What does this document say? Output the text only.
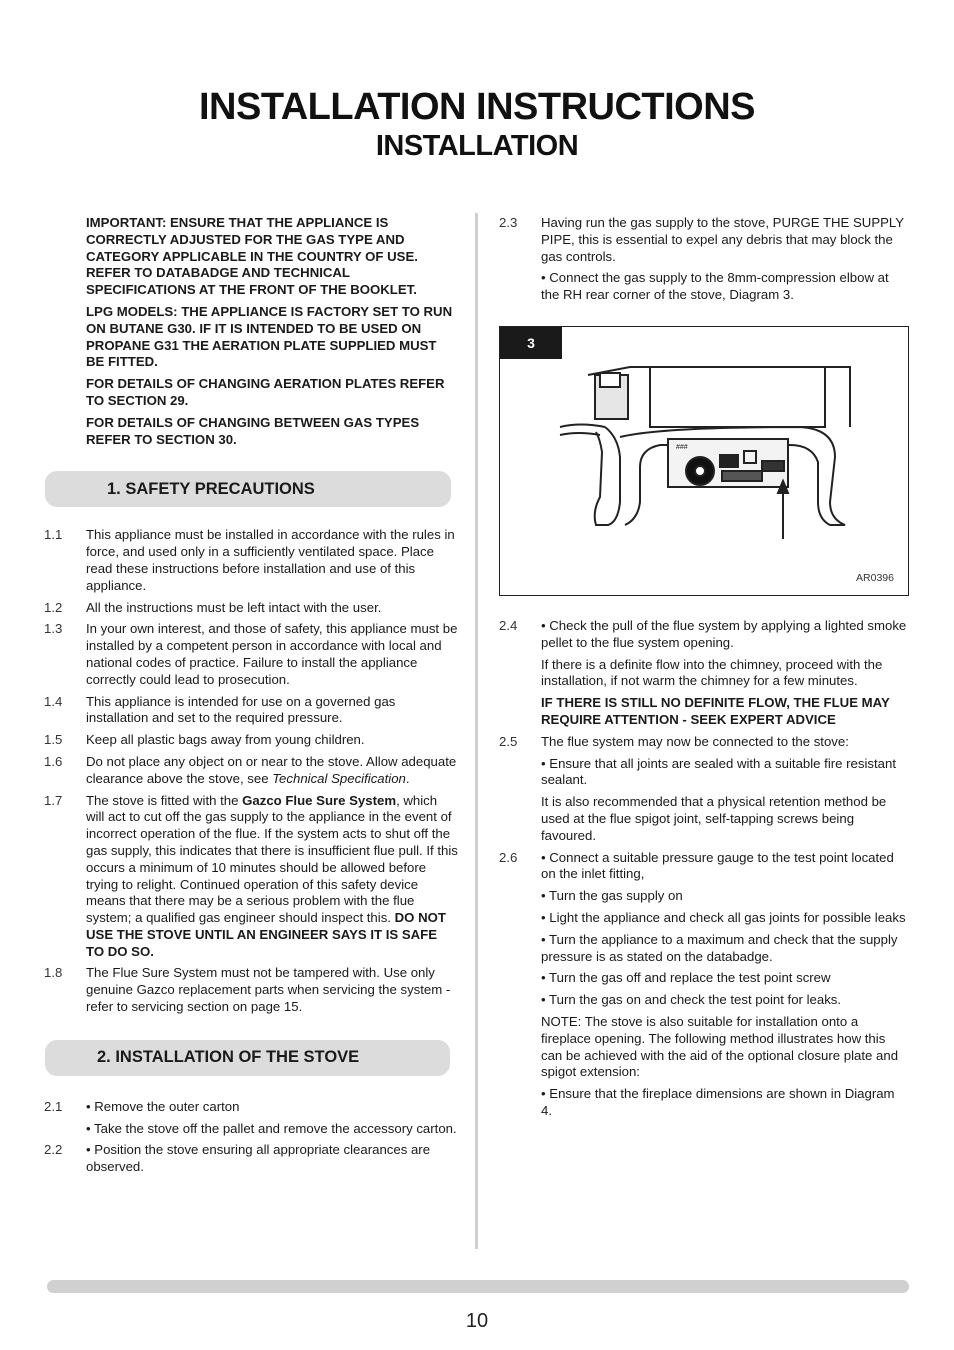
INSTALLATION INSTRUCTIONS
INSTALLATION

IMPORTANT: ENSURE THAT THE APPLIANCE IS CORRECTLY ADJUSTED FOR THE GAS TYPE AND CATEGORY APPLICABLE IN THE COUNTRY OF USE. REFER TO DATABADGE AND TECHNICAL SPECIFICATIONS AT THE FRONT OF THE BOOKLET.

LPG MODELS: THE APPLIANCE IS FACTORY SET TO RUN ON BUTANE G30. IF IT IS INTENDED TO BE USED ON PROPANE G31 THE AERATION PLATE SUPPLIED MUST BE FITTED.

FOR DETAILS OF CHANGING AERATION PLATES REFER TO SECTION 29.

FOR DETAILS OF CHANGING BETWEEN GAS TYPES REFER TO SECTION 30.

1. SAFETY PRECAUTIONS
1.1	This appliance must be installed in accordance with the rules in force, and used only in a sufficiently ventilated space. Place read these instructions before installation and use of this appliance.
1.2	All the instructions must be left intact with the user.
1.3	In your own interest, and those of safety, this appliance must be installed by a competent person in accordance with local and national codes of practice. Failure to install the appliance correctly could lead to prosecution.
1.4	This appliance is intended for use on a governed gas installation and set to the required pressure.
1.5	Keep all plastic bags away from young children.
1.6	Do not place any object on or near to the stove. Allow adequate clearance above the stove, see Technical Specification.
1.7	The stove is fitted with the Gazco Flue Sure System, which will act to cut off the gas supply to the appliance in the event of incorrect operation of the flue. If the system acts to shut off the gas supply, this indicates that there is insufficient flue pull. If this occurs a minimum of 10 minutes should be allowed before trying to relight. Continued operation of this safety device means that there may be a serious problem with the flue system; a qualified gas engineer should inspect this. DO NOT USE THE STOVE UNTIL AN ENGINEER SAYS IT IS SAFE TO DO SO.
1.8	The Flue Sure System must not be tampered with. Use only genuine Gazco replacement parts when servicing the system - refer to servicing section on page 15.
2. INSTALLATION OF THE STOVE
2.1	• Remove the outer carton

• Take the stove off the pallet and remove the accessory carton.

2.2	• Position the stove ensuring all appropriate clearances are observed.

2.3	Having run the gas supply to the stove, PURGE THE SUPPLY PIPE, this is essential to expel any debris that may block the gas controls.

• Connect the gas supply to the 8mm-compression elbow at the RH rear corner of the stove, Diagram 3.

###
3
AR0396
2.4	• Check the pull of the flue system by applying a lighted smoke pellet to the flue system opening.

If there is a definite flow into the chimney, proceed with the installation, if not warm the chimney for a few minutes.

IF THERE IS STILL NO DEFINITE FLOW, THE FLUE MAY REQUIRE ATTENTION - SEEK EXPERT ADVICE

2.5	The flue system may now be connected to the stove:

• Ensure that all joints are sealed with a suitable fire resistant sealant.

It is also recommended that a physical retention method be used at the flue spigot joint, self-tapping screws being favoured.

2.6	• Connect a suitable pressure gauge to the test point located on the inlet fitting,

• Turn the gas supply on

• Light the appliance and check all gas joints for possible leaks

• Turn the appliance to a maximum and check that the supply pressure is as stated on the databadge.

• Turn the gas off and replace the test point screw

• Turn the gas on and check the test point for leaks.

NOTE: The stove is also suitable for installation onto a fireplace opening. The following method illustrates how this can be achieved with the aid of the optional closure plate and spigot extension:

• Ensure that the fireplace dimensions are shown in Diagram 4.

10
